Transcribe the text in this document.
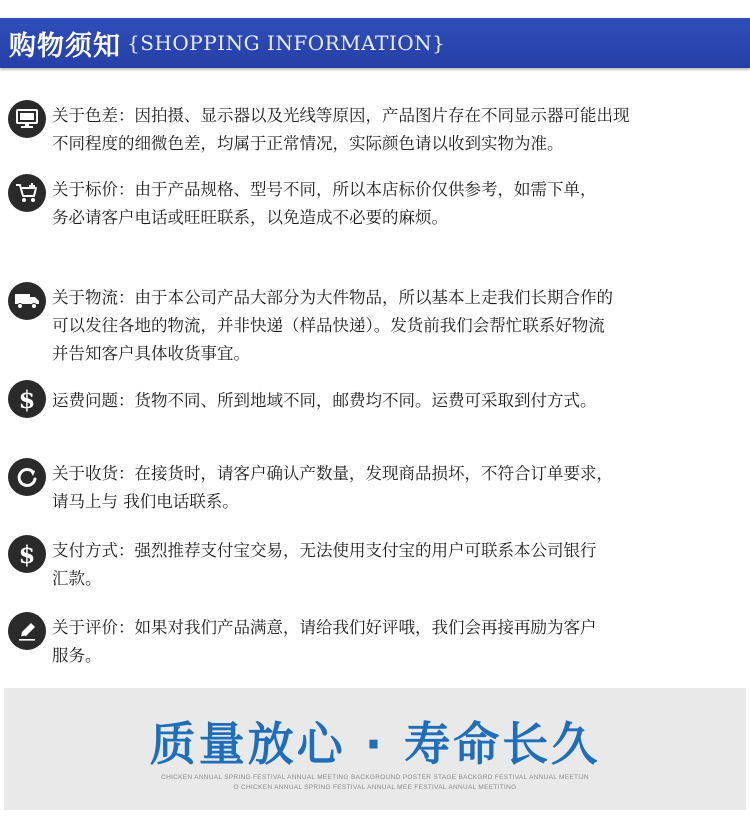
购物须知 {SHOPPING INFORMATION}
关于色差：因拍摄、显示器以及光线等原因，产品图片存在不同显示器可能出现
不同程度的细微色差，均属于正常情况，实际颜色请以收到实物为准。
关于标价：由于产品规格、型号不同，所以本店标价仅供参考，如需下单，
务必请客户电话或旺旺联系，以免造成不必要的麻烦。
关于物流：由于本公司产品大部分为大件物品，所以基本上走我们长期合作的
可以发往各地的物流，并非快递（样品快递）。发货前我们会帮忙联系好物流
并告知客户具体收货事宜。
$ 运费问题：货物不同、所到地域不同，邮费均不同。运费可采取到付方式。
关于收货：在接货时，请客户确认产数量，发现商品损坏，不符合订单要求，
请马上与 我们电话联系。
$ 支付方式：强烈推荐支付宝交易，无法使用支付宝的用户可联系本公司银行
汇款。
关于评价：如果对我们产品满意，请给我们好评哦，我们会再接再励为客户
服务。
质量放心 · 寿命长久
CHICKEN ANNUAL SPRING FESTIVAL ANNUAL MEETING BACKGROUND POSTER STAGE BACKGRD FESTIVAL ANNUAL MEETIJN
O CHICKEN ANNUAL SPRING FESTIVAL ANNUAL MEE FESTIVAL ANNUAL MEETITING
